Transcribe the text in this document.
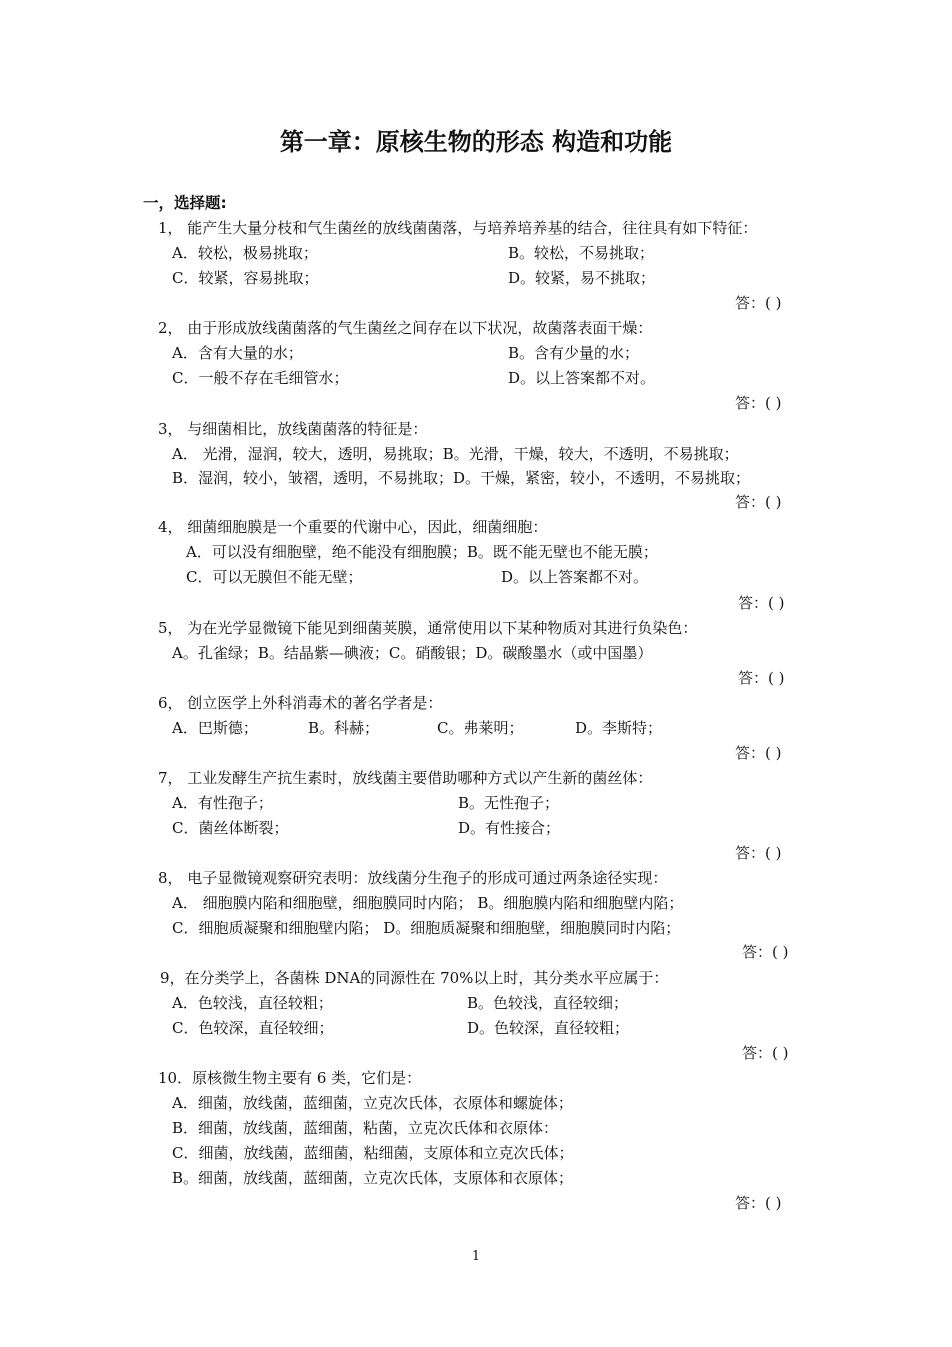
第一章：原核生物的形态 构造和功能
一，选择题:
1， 能产生大量分枝和气生菌丝的放线菌菌落，与培养培养基的结合，往往具有如下特征：
A．较松，极易挑取；	B。较松，不易挑取；
C．较紧，容易挑取；	D。较紧，易不挑取；
答：( )
2， 由于形成放线菌菌落的气生菌丝之间存在以下状况，故菌落表面干燥：
A．含有大量的水；	B。含有少量的水；
C．一般不存在毛细管水；	D。以上答案都不对。
答：( )
3， 与细菌相比，放线菌菌落的特征是：
A． 光滑，湿润，较大，透明，易挑取；B。光滑，干燥，较大，不透明，不易挑取；
B．湿润，较小，皱褶，透明，不易挑取；D。干燥，紧密，较小，不透明，不易挑取；
答：( )
4， 细菌细胞膜是一个重要的代谢中心，因此，细菌细胞：
A．可以没有细胞壁，绝不能没有细胞膜；B。既不能无壁也不能无膜；
C．可以无膜但不能无壁；	D。以上答案都不对。
答：( )
5， 为在光学显微镜下能见到细菌荚膜，通常使用以下某种物质对其进行负染色：
A。孔雀绿；B。结晶紫—碘液；C。硝酸银；D。碳酸墨水（或中国墨）
答：( )
6， 创立医学上外科消毒术的著名学者是：
A．巴斯德；	B。科赫；	C。弗莱明；	D。李斯特；
答：( )
7， 工业发酵生产抗生素时，放线菌主要借助哪种方式以产生新的菌丝体：
A．有性孢子；	B。无性孢子；
C．菌丝体断裂；	D。有性接合；
答：( )
8， 电子显微镜观察研究表明：放线菌分生孢子的形成可通过两条途径实现：
A． 细胞膜内陷和细胞壁，细胞膜同时内陷； B。细胞膜内陷和细胞壁内陷；
C．细胞质凝聚和细胞壁内陷； D。细胞质凝聚和细胞壁，细胞膜同时内陷；
答：( )
9，在分类学上，各菌株 DNA的同源性在 70%以上时，其分类水平应属于：
A．色较浅，直径较粗；	B。色较浅，直径较细；
C．色较深，直径较细；	D。色较深，直径较粗；
答：( )
10．原核微生物主要有 6 类，它们是：
A．细菌，放线菌，蓝细菌，立克次氏体，衣原体和螺旋体；
B．细菌，放线菌，蓝细菌，粘菌，立克次氏体和衣原体：
C．细菌，放线菌，蓝细菌，粘细菌，支原体和立克次氏体；
B。细菌，放线菌，蓝细菌，立克次氏体，支原体和衣原体；
答：( )
1
